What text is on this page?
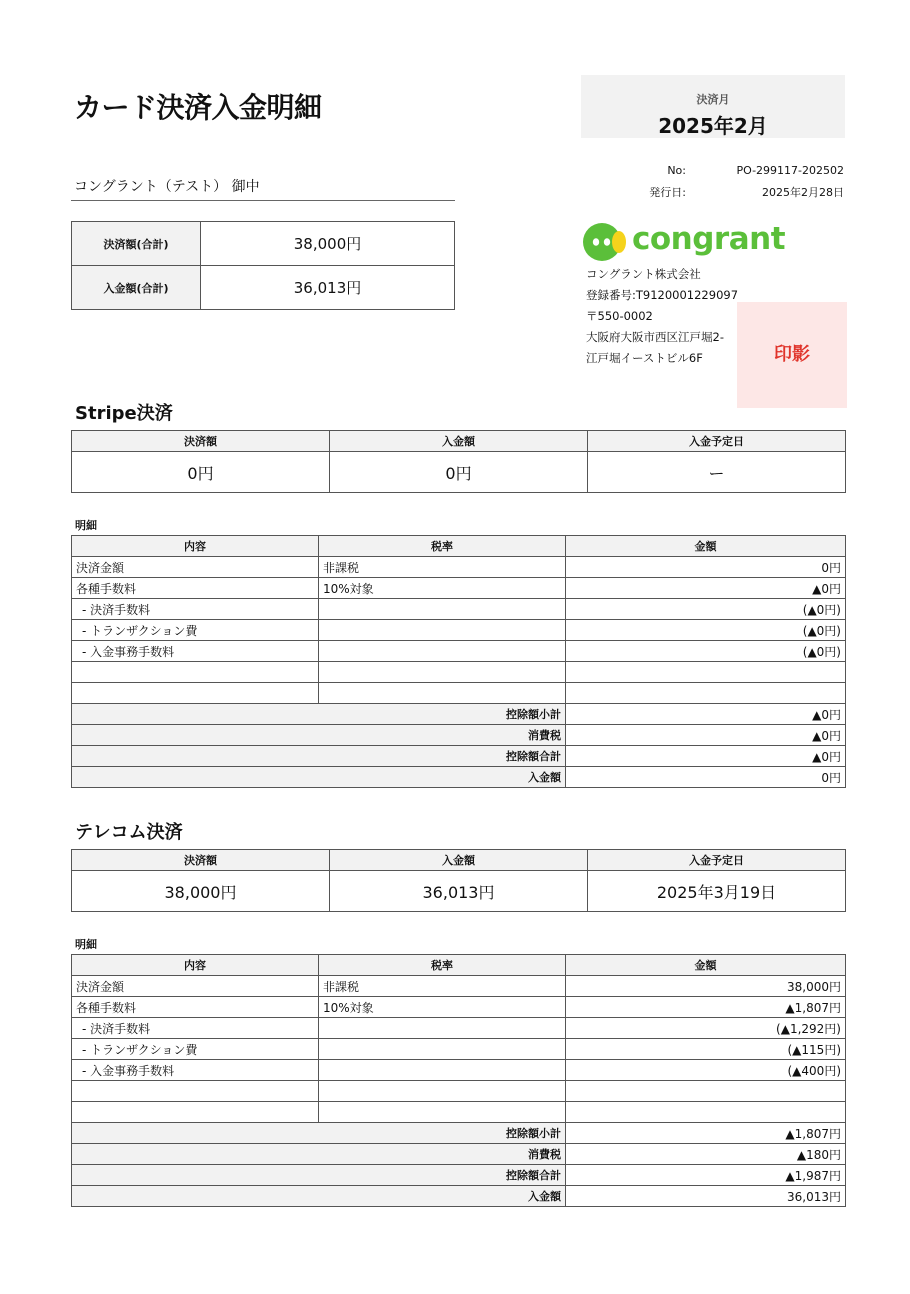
カード決済入金明細	決済月
2025年2月
No:	PO-299117-202502
発行日:	2025年2月28日
コングラント（テスト） 御中
決済額(合計)	38,000円
入金額(合計)	36,013円
congrant
コングラント株式会社
登録番号:T9120001229097
〒550-0002
大阪府大阪市西区江戸堀2-
江戸堀イーストビル6F	印影
Stripe決済
決済額	入金額	入金予定日
0円	0円	ー
明細
内容	税率	金額
決済金額	非課税	0円
各種手数料	10%対象	▲0円
- 決済手数料		(▲0円)
- トランザクション費		(▲0円)
- 入金事務手数料		(▲0円)

控除額小計		▲0円
消費税		▲0円
控除額合計		▲0円
入金額		0円
テレコム決済
決済額	入金額	入金予定日
38,000円	36,013円	2025年3月19日
明細
内容	税率	金額
決済金額	非課税	38,000円
各種手数料	10%対象	▲1,807円
- 決済手数料		(▲1,292円)
- トランザクション費		(▲115円)
- 入金事務手数料		(▲400円)

控除額小計		▲1,807円
消費税		▲180円
控除額合計		▲1,987円
入金額		36,013円
